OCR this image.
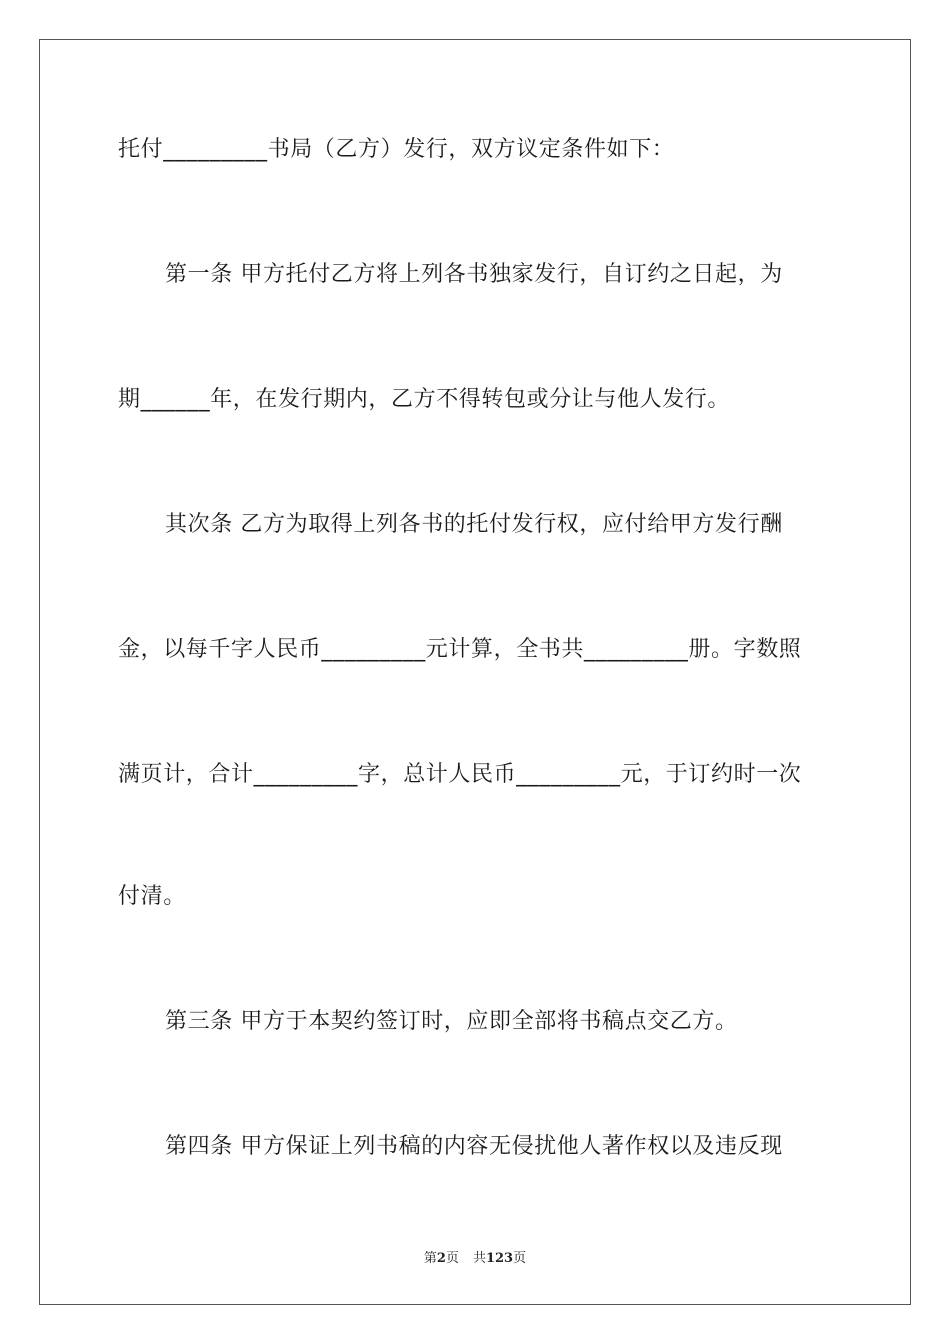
托付_________书局（乙方）发行，双方议定条件如下：
第一条 甲方托付乙方将上列各书独家发行，自订约之日起，为
期______年，在发行期内，乙方不得转包或分让与他人发行。
其次条 乙方为取得上列各书的托付发行权，应付给甲方发行酬
金，以每千字人民币_________元计算，全书共_________册。字数照
满页计，合计_________字，总计人民币_________元，于订约时一次
付清。
第三条 甲方于本契约签订时，应即全部将书稿点交乙方。
第四条 甲方保证上列书稿的内容无侵扰他人著作权以及违反现
第2页 共123页
